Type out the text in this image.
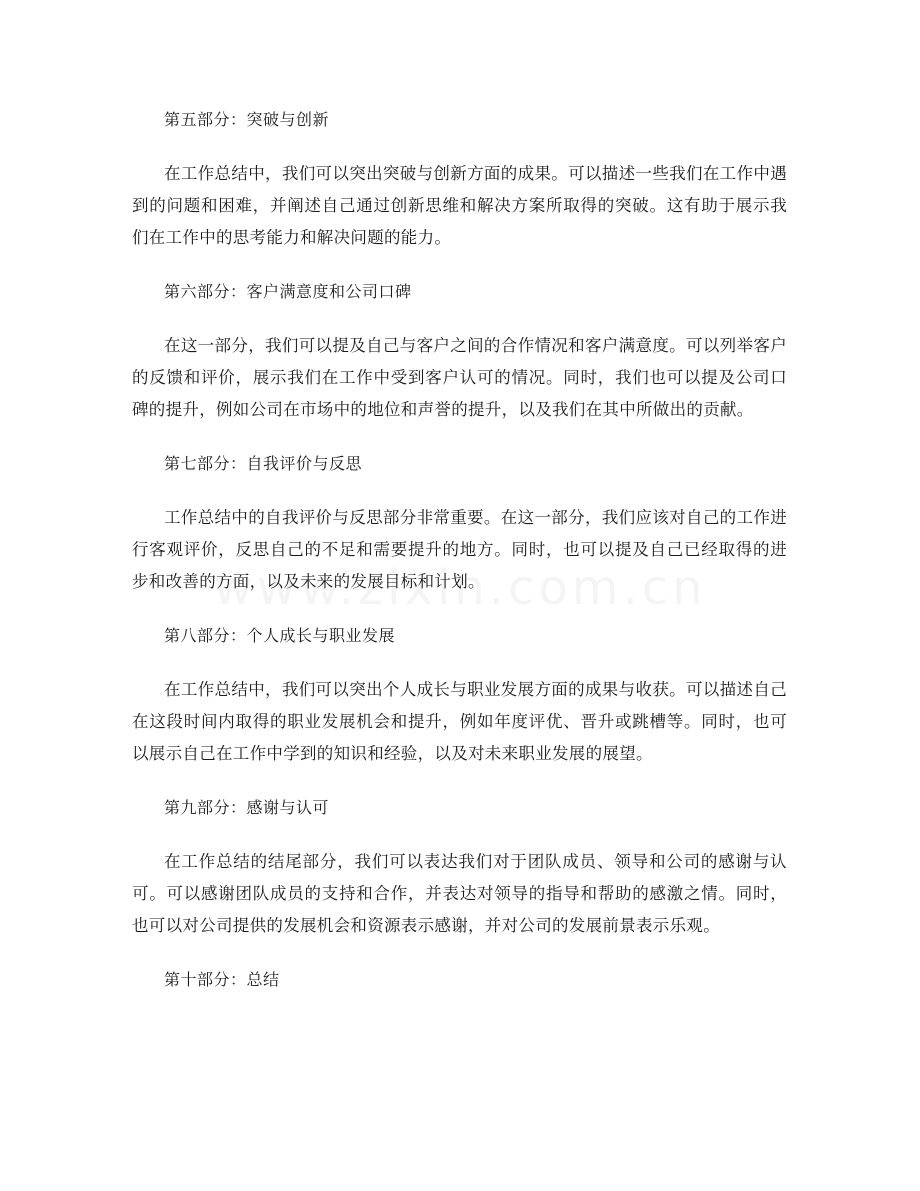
第五部分：突破与创新

在工作总结中，我们可以突出突破与创新方面的成果。可以描述一些我们在工作中遇到的问题和困难，并阐述自己通过创新思维和解决方案所取得的突破。这有助于展示我们在工作中的思考能力和解决问题的能力。

第六部分：客户满意度和公司口碑

在这一部分，我们可以提及自己与客户之间的合作情况和客户满意度。可以列举客户的反馈和评价，展示我们在工作中受到客户认可的情况。同时，我们也可以提及公司口碑的提升，例如公司在市场中的地位和声誉的提升，以及我们在其中所做出的贡献。

第七部分：自我评价与反思

工作总结中的自我评价与反思部分非常重要。在这一部分，我们应该对自己的工作进行客观评价，反思自己的不足和需要提升的地方。同时，也可以提及自己已经取得的进步和改善的方面，以及未来的发展目标和计划。

第八部分：个人成长与职业发展

在工作总结中，我们可以突出个人成长与职业发展方面的成果与收获。可以描述自己在这段时间内取得的职业发展机会和提升，例如年度评优、晋升或跳槽等。同时，也可以展示自己在工作中学到的知识和经验，以及对未来职业发展的展望。

第九部分：感谢与认可

在工作总结的结尾部分，我们可以表达我们对于团队成员、领导和公司的感谢与认可。可以感谢团队成员的支持和合作，并表达对领导的指导和帮助的感激之情。同时，也可以对公司提供的发展机会和资源表示感谢，并对公司的发展前景表示乐观。

第十部分：总结
